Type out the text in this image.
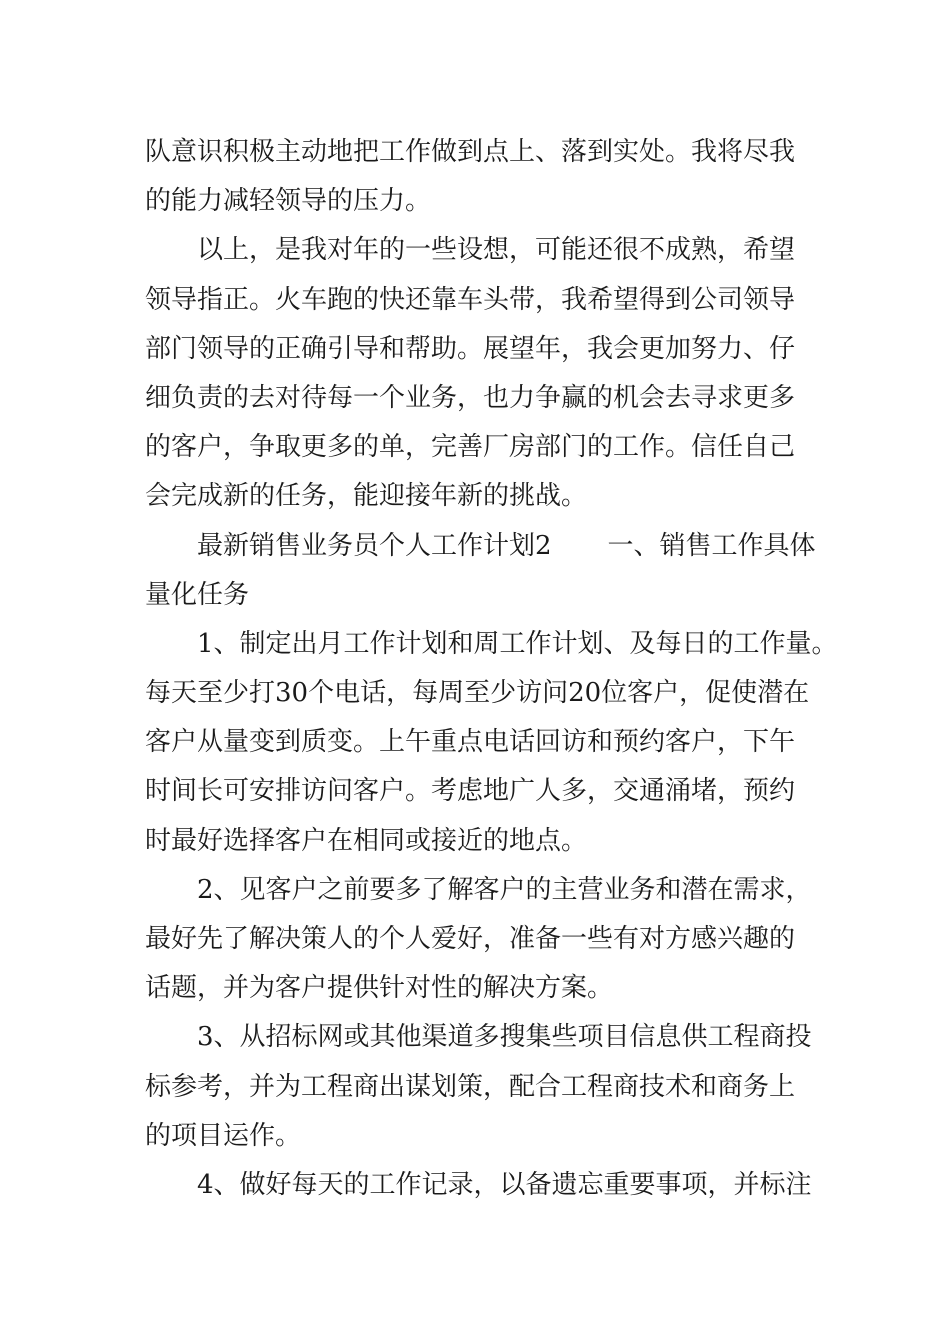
队意识积极主动地把工作做到点上、落到实处。我将尽我
的能力减轻领导的压力。
以上，是我对年的一些设想，可能还很不成熟，希望
领导指正。火车跑的快还靠车头带，我希望得到公司领导
部门领导的正确引导和帮助。展望年，我会更加努力、仔
细负责的去对待每一个业务，也力争赢的机会去寻求更多
的客户，争取更多的单，完善厂房部门的工作。信任自己
会完成新的任务，能迎接年新的挑战。
最新销售业务员个人工作计划2 一、销售工作具体
量化任务
1、制定出月工作计划和周工作计划、及每日的工作量。
每天至少打30个电话，每周至少访问20位客户，促使潜在
客户从量变到质变。上午重点电话回访和预约客户，下午
时间长可安排访问客户。考虑地广人多，交通涌堵，预约
时最好选择客户在相同或接近的地点。
2、见客户之前要多了解客户的主营业务和潜在需求，
最好先了解决策人的个人爱好，准备一些有对方感兴趣的
话题，并为客户提供针对性的解决方案。
3、从招标网或其他渠道多搜集些项目信息供工程商投
标参考，并为工程商出谋划策，配合工程商技术和商务上
的项目运作。
4、做好每天的工作记录，以备遗忘重要事项，并标注
